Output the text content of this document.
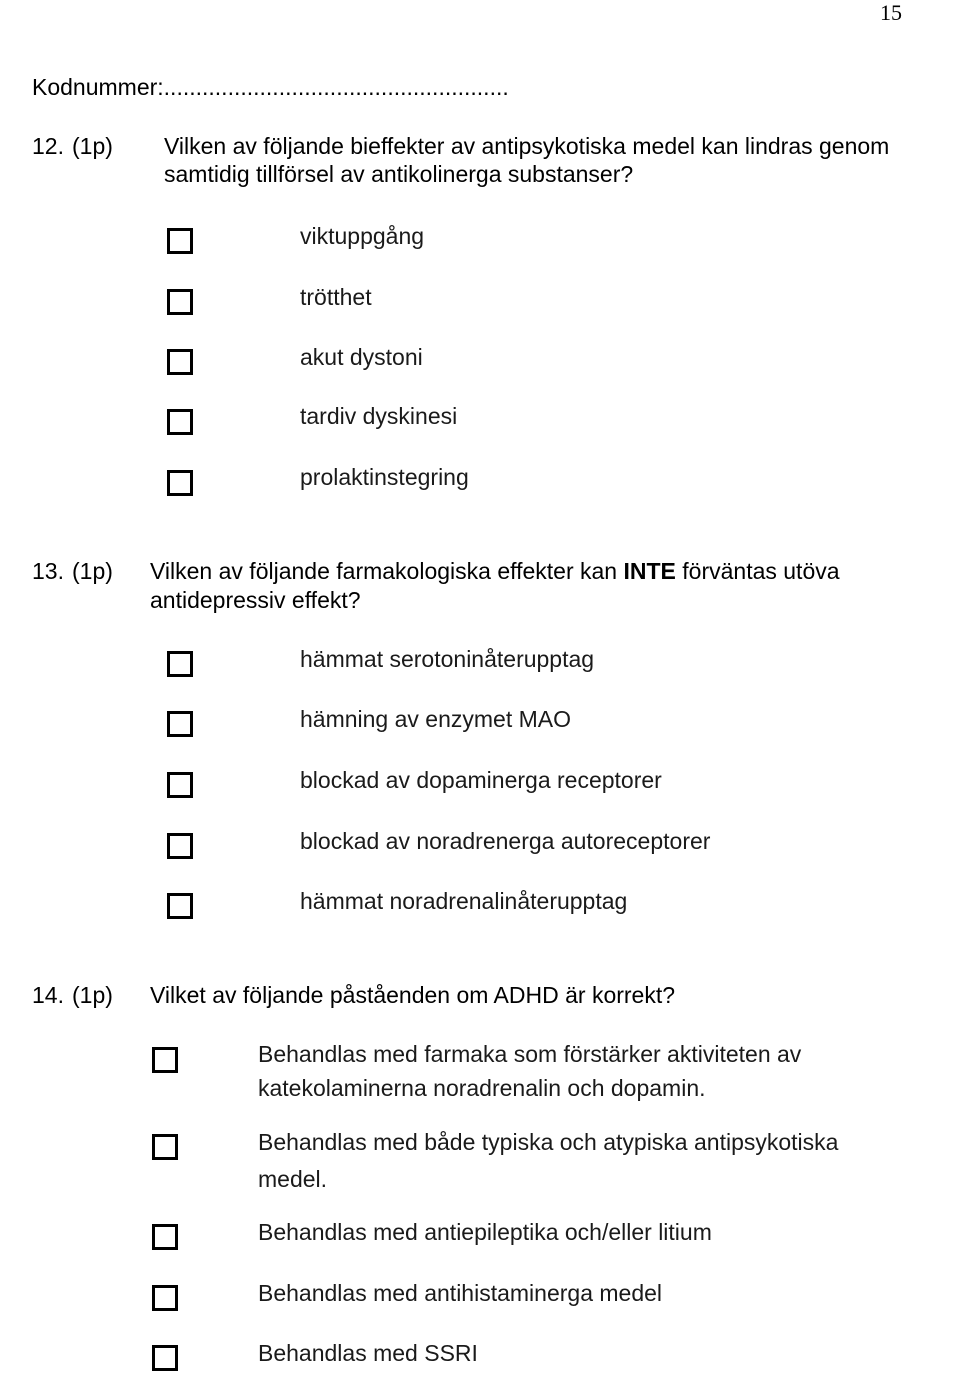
15
Kodnummer:......................................................
12. (1p) Vilken av följande bieffekter av antipsykotiska medel kan lindras genom
samtidig tillförsel av antikolinerga substanser?
viktuppgång
trötthet
akut dystoni
tardiv dyskinesi
prolaktinstegring
13. (1p) Vilken av följande farmakologiska effekter kan INTE förväntas utöva
antidepressiv effekt?
hämmat serotoninåterupptag
hämning av enzymet MAO
blockad av dopaminerga receptorer
blockad av noradrenerga autoreceptorer
hämmat noradrenalinåterupptag
14. (1p) Vilket av följande påståenden om ADHD är korrekt?
Behandlas med farmaka som förstärker aktiviteten av
katekolaminerna noradrenalin och dopamin.
Behandlas med både typiska och atypiska antipsykotiska
medel.
Behandlas med antiepileptika och/eller litium
Behandlas med antihistaminerga medel
Behandlas med SSRI
